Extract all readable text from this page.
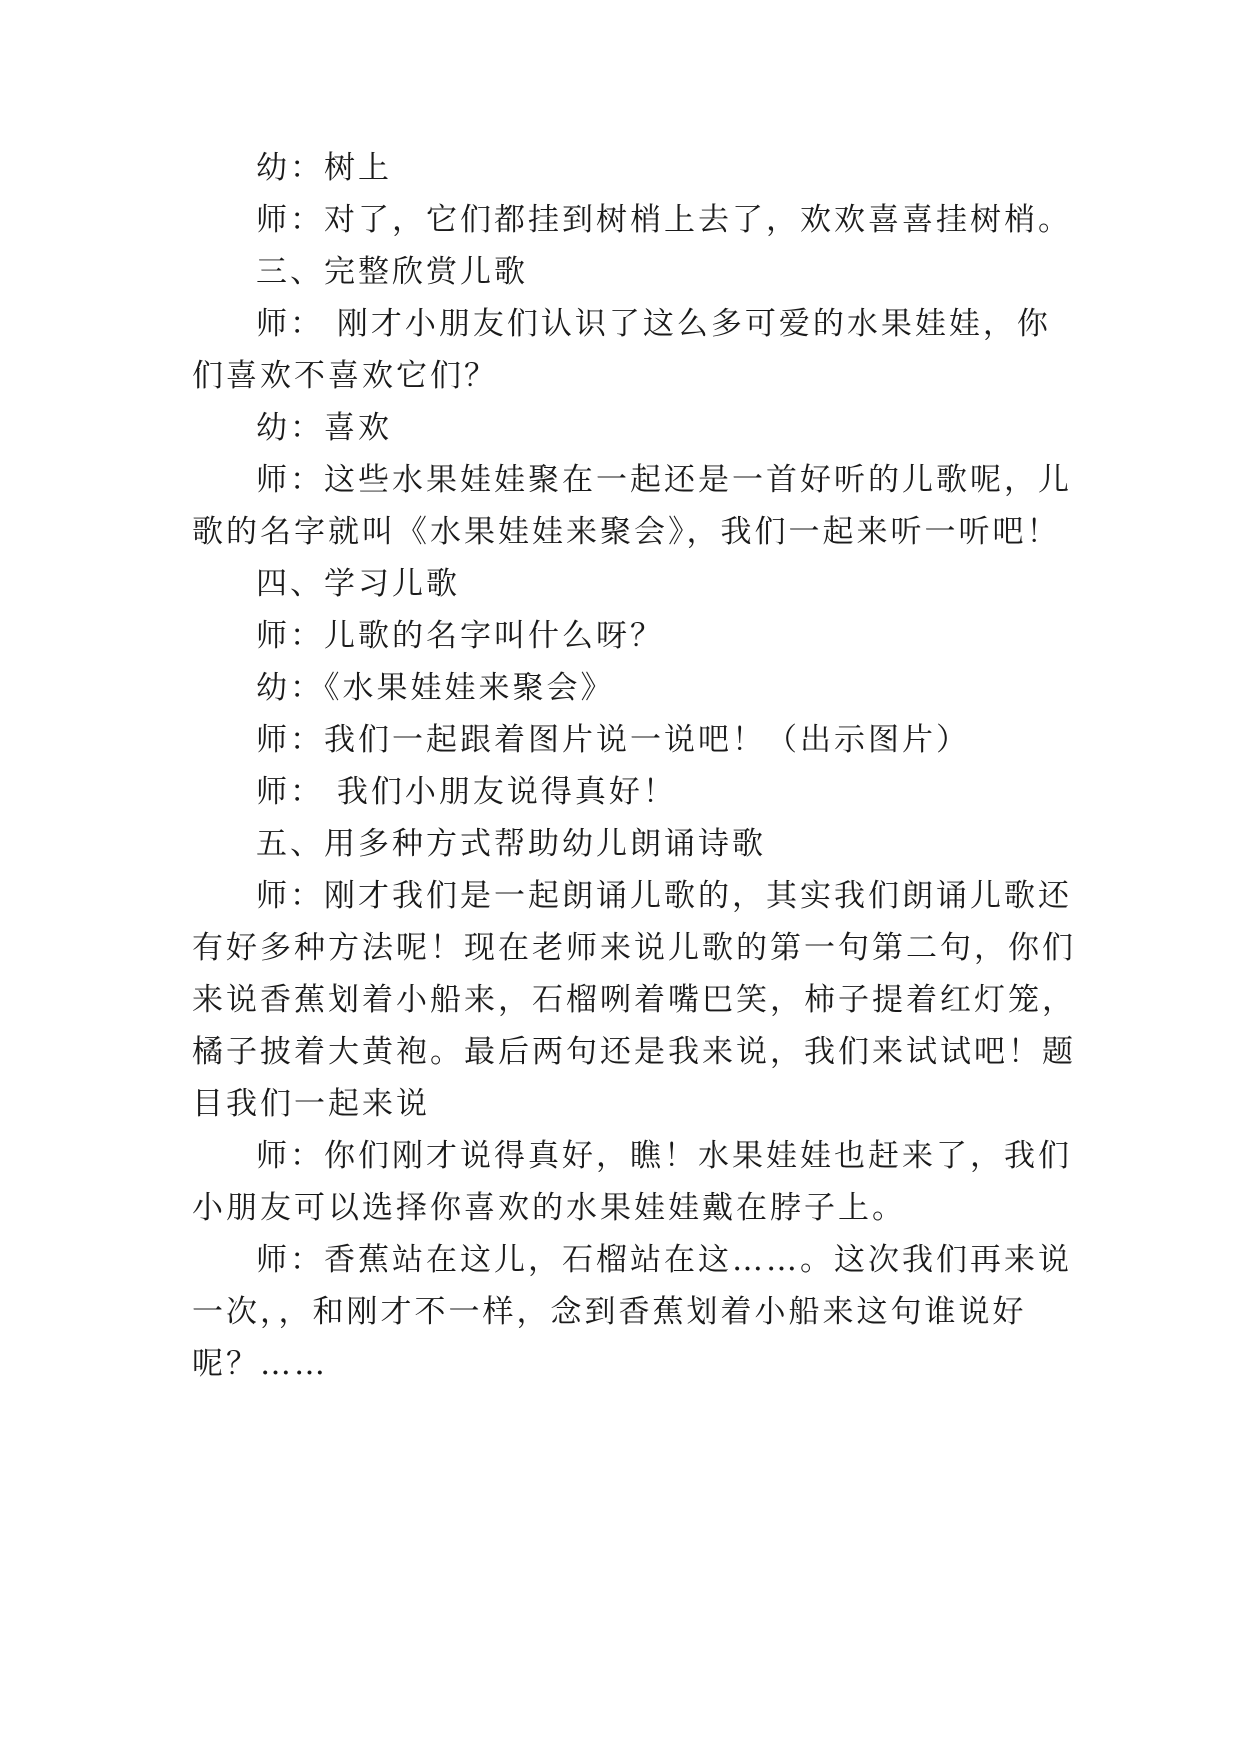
幼：树上
师：对了，它们都挂到树梢上去了，欢欢喜喜挂树梢。
三、完整欣赏儿歌
师： 刚才小朋友们认识了这么多可爱的水果娃娃，你
们喜欢不喜欢它们？
幼：喜欢
师：这些水果娃娃聚在一起还是一首好听的儿歌呢，儿
歌的名字就叫《水果娃娃来聚会》，我们一起来听一听吧！
四、学习儿歌
师：儿歌的名字叫什么呀？
幼：《水果娃娃来聚会》
师：我们一起跟着图片说一说吧！（出示图片）
师： 我们小朋友说得真好！
五、用多种方式帮助幼儿朗诵诗歌
师：刚才我们是一起朗诵儿歌的，其实我们朗诵儿歌还
有好多种方法呢！现在老师来说儿歌的第一句第二句，你们
来说香蕉划着小船来，石榴咧着嘴巴笑，柿子提着红灯笼，
橘子披着大黄袍。最后两句还是我来说，我们来试试吧！题
目我们一起来说
师：你们刚才说得真好，瞧！水果娃娃也赶来了，我们
小朋友可以选择你喜欢的水果娃娃戴在脖子上。
师：香蕉站在这儿，石榴站在这……。这次我们再来说
一次，，和刚才不一样，念到香蕉划着小船来这句谁说好
呢？……
